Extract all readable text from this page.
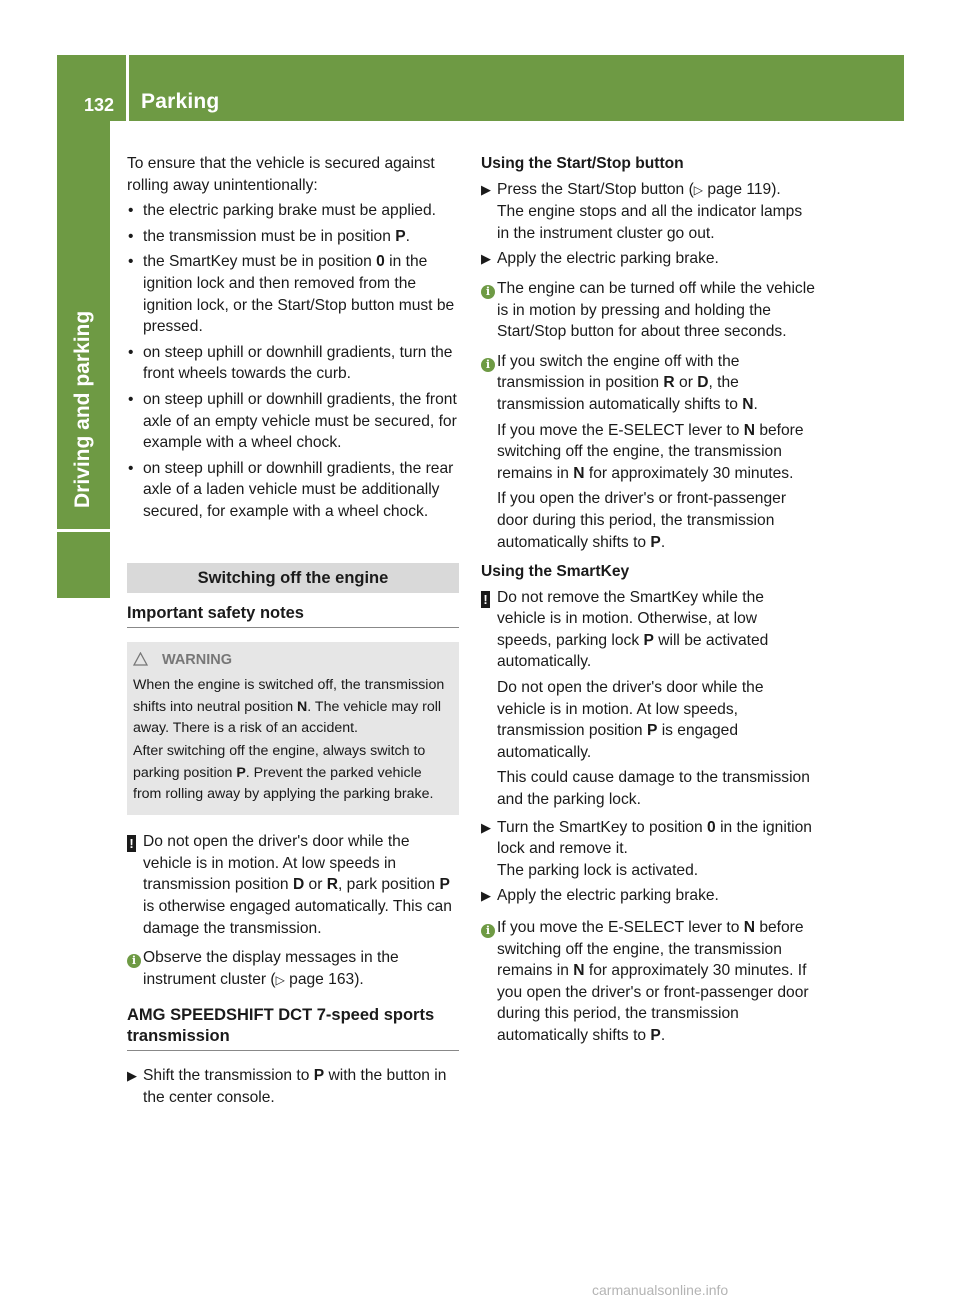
132 Parking
Driving and parking

To ensure that the vehicle is secured against rolling away unintentionally:

• the electric parking brake must be applied.
• the transmission must be in position P.
• the SmartKey must be in position 0 in the ignition lock and then removed from the ignition lock, or the Start/Stop button must be pressed.
• on steep uphill or downhill gradients, turn the front wheels towards the curb.
• on steep uphill or downhill gradients, the front axle of an empty vehicle must be secured, for example with a wheel chock.
• on steep uphill or downhill gradients, the rear axle of a laden vehicle must be additionally secured, for example with a wheel chock.
Switching off the engine
Important safety notes
WARNING

When the engine is switched off, the transmission shifts into neutral position N. The vehicle may roll away. There is a risk of an accident.

After switching off the engine, always switch to parking position P. Prevent the parked vehicle from rolling away by applying the parking brake.

! Do not open the driver's door while the vehicle is in motion. At low speeds in transmission position D or R, park position P is otherwise engaged automatically. This can damage the transmission.
i Observe the display messages in the instrument cluster (▷ page 163).
AMG SPEEDSHIFT DCT 7-speed sports transmission
▶ Shift the transmission to P with the button in the center console.
Using the Start/Stop button
▶ Press the Start/Stop button (▷ page 119).
The engine stops and all the indicator lamps in the instrument cluster go out.
▶ Apply the electric parking brake.
i The engine can be turned off while the vehicle is in motion by pressing and holding the Start/Stop button for about three seconds.
i If you switch the engine off with the transmission in position R or D, the transmission automatically shifts to N.

If you move the E-SELECT lever to N before switching off the engine, the transmission remains in N for approximately 30 minutes.

If you open the driver's or front-passenger door during this period, the transmission automatically shifts to P.

Using the SmartKey
! Do not remove the SmartKey while the vehicle is in motion. Otherwise, at low speeds, parking lock P will be activated automatically.

Do not open the driver's door while the vehicle is in motion. At low speeds, transmission position P is engaged automatically.

This could cause damage to the transmission and the parking lock.

▶ Turn the SmartKey to position 0 in the ignition lock and remove it.
The parking lock is activated.
▶ Apply the electric parking brake.
i If you move the E-SELECT lever to N before switching off the engine, the transmission remains in N for approximately 30 minutes. If you open the driver's or front-passenger door during this period, the transmission automatically shifts to P.
carmanualsonline.info
